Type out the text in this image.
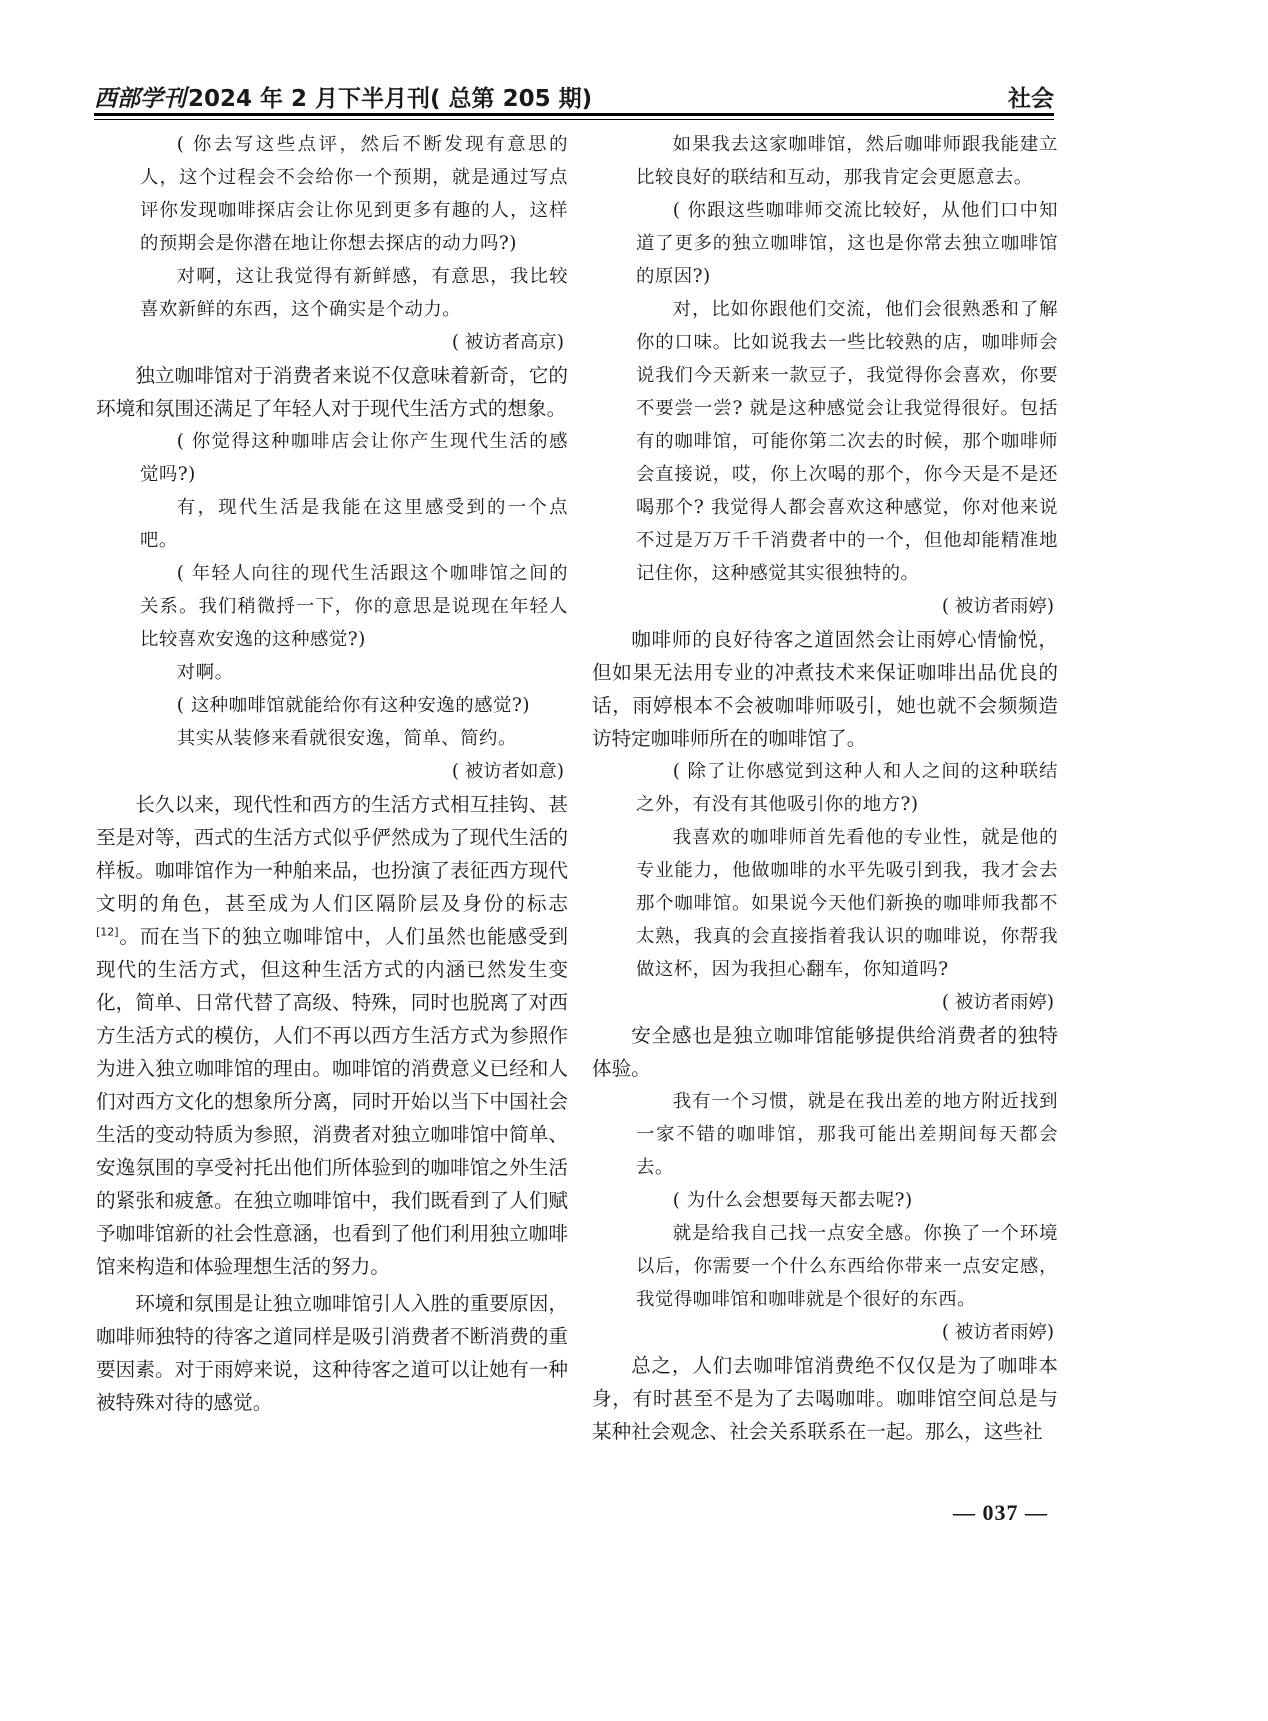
西部学刊2024 年 2 月下半月刊( 总第 205 期)	社会

( 你去写这些点评，然后不断发现有意思的人，这个过程会不会给你一个预期，就是通过写点评你发现咖啡探店会让你见到更多有趣的人，这样的预期会是你潜在地让你想去探店的动力吗?)

对啊，这让我觉得有新鲜感，有意思，我比较喜欢新鲜的东西，这个确实是个动力。

( 被访者高京)

独立咖啡馆对于消费者来说不仅意味着新奇，它的环境和氛围还满足了年轻人对于现代生活方式的想象。

( 你觉得这种咖啡店会让你产生现代生活的感觉吗?)

有，现代生活是我能在这里感受到的一个点吧。

( 年轻人向往的现代生活跟这个咖啡馆之间的关系。我们稍微捋一下，你的意思是说现在年轻人比较喜欢安逸的这种感觉?)

对啊。

( 这种咖啡馆就能给你有这种安逸的感觉?)

其实从装修来看就很安逸，简单、简约。

( 被访者如意)

长久以来，现代性和西方的生活方式相互挂钩、甚至是对等，西式的生活方式似乎俨然成为了现代生活的样板。咖啡馆作为一种舶来品，也扮演了表征西方现代文明的角色，甚至成为人们区隔阶层及身份的标志[12]。而在当下的独立咖啡馆中，人们虽然也能感受到现代的生活方式，但这种生活方式的内涵已然发生变化，简单、日常代替了高级、特殊，同时也脱离了对西方生活方式的模仿，人们不再以西方生活方式为参照作为进入独立咖啡馆的理由。咖啡馆的消费意义已经和人们对西方文化的想象所分离，同时开始以当下中国社会生活的变动特质为参照，消费者对独立咖啡馆中简单、安逸氛围的享受衬托出他们所体验到的咖啡馆之外生活的紧张和疲惫。在独立咖啡馆中，我们既看到了人们赋予咖啡馆新的社会性意涵，也看到了他们利用独立咖啡馆来构造和体验理想生活的努力。

环境和氛围是让独立咖啡馆引人入胜的重要原因，咖啡师独特的待客之道同样是吸引消费者不断消费的重要因素。对于雨婷来说，这种待客之道可以让她有一种被特殊对待的感觉。

如果我去这家咖啡馆，然后咖啡师跟我能建立比较良好的联结和互动，那我肯定会更愿意去。

( 你跟这些咖啡师交流比较好，从他们口中知道了更多的独立咖啡馆，这也是你常去独立咖啡馆的原因?)

对，比如你跟他们交流，他们会很熟悉和了解你的口味。比如说我去一些比较熟的店，咖啡师会说我们今天新来一款豆子，我觉得你会喜欢，你要不要尝一尝? 就是这种感觉会让我觉得很好。包括有的咖啡馆，可能你第二次去的时候，那个咖啡师会直接说，哎，你上次喝的那个，你今天是不是还喝那个? 我觉得人都会喜欢这种感觉，你对他来说不过是万万千千消费者中的一个，但他却能精准地记住你，这种感觉其实很独特的。

( 被访者雨婷)

咖啡师的良好待客之道固然会让雨婷心情愉悦，但如果无法用专业的冲煮技术来保证咖啡出品优良的话，雨婷根本不会被咖啡师吸引，她也就不会频频造访特定咖啡师所在的咖啡馆了。

( 除了让你感觉到这种人和人之间的这种联结之外，有没有其他吸引你的地方?)

我喜欢的咖啡师首先看他的专业性，就是他的专业能力，他做咖啡的水平先吸引到我，我才会去那个咖啡馆。如果说今天他们新换的咖啡师我都不太熟，我真的会直接指着我认识的咖啡说，你帮我做这杯，因为我担心翻车，你知道吗?

( 被访者雨婷)

安全感也是独立咖啡馆能够提供给消费者的独特体验。

我有一个习惯，就是在我出差的地方附近找到一家不错的咖啡馆，那我可能出差期间每天都会去。

( 为什么会想要每天都去呢?)

就是给我自己找一点安全感。你换了一个环境以后，你需要一个什么东西给你带来一点安定感，我觉得咖啡馆和咖啡就是个很好的东西。

( 被访者雨婷)

总之，人们去咖啡馆消费绝不仅仅是为了咖啡本身，有时甚至不是为了去喝咖啡。咖啡馆空间总是与某种社会观念、社会关系联系在一起。那么，这些社

— 037 —
